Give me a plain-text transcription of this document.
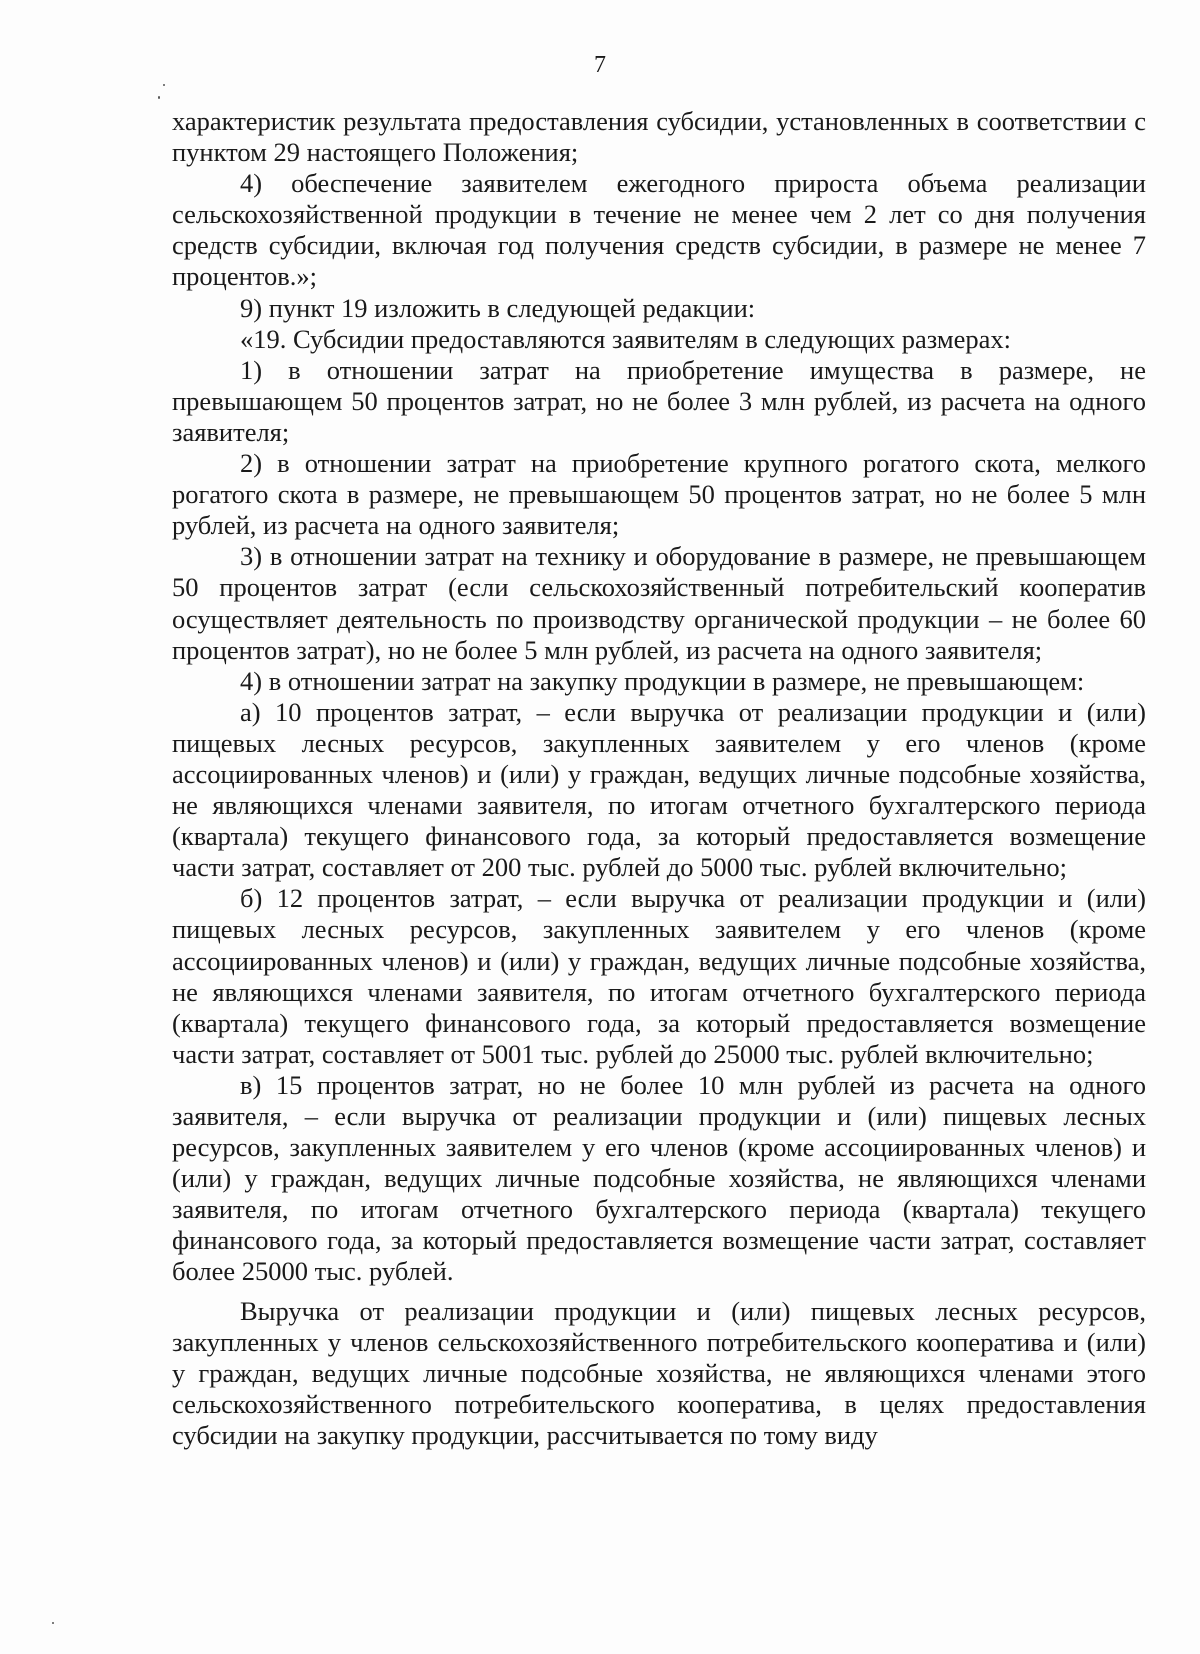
7

характеристик результата предоставления субсидии, установленных в соответствии с пунктом 29 настоящего Положения;

4) обеспечение заявителем ежегодного прироста объема реализации сельскохозяйственной продукции в течение не менее чем 2 лет со дня получения средств субсидии, включая год получения средств субсидии, в размере не менее 7 процентов.»;

9) пункт 19 изложить в следующей редакции:

«19. Субсидии предоставляются заявителям в следующих размерах:

1) в отношении затрат на приобретение имущества в размере, не превышающем 50 процентов затрат, но не более 3 млн рублей, из расчета на одного заявителя;

2) в отношении затрат на приобретение крупного рогатого скота, мелкого рогатого скота в размере, не превышающем 50 процентов затрат, но не более 5 млн рублей, из расчета на одного заявителя;

3) в отношении затрат на технику и оборудование в размере, не превышающем 50 процентов затрат (если сельскохозяйственный потребительский кооператив осуществляет деятельность по производству органической продукции – не более 60 процентов затрат), но не более 5 млн рублей, из расчета на одного заявителя;

4) в отношении затрат на закупку продукции в размере, не превышающем:

а) 10 процентов затрат, – если выручка от реализации продукции и (или) пищевых лесных ресурсов, закупленных заявителем у его членов (кроме ассоциированных членов) и (или) у граждан, ведущих личные подсобные хозяйства, не являющихся членами заявителя, по итогам отчетного бухгалтерского периода (квартала) текущего финансового года, за который предоставляется возмещение части затрат, составляет от 200 тыс. рублей до 5000 тыс. рублей включительно;

б) 12 процентов затрат, – если выручка от реализации продукции и (или) пищевых лесных ресурсов, закупленных заявителем у его членов (кроме ассоциированных членов) и (или) у граждан, ведущих личные подсобные хозяйства, не являющихся членами заявителя, по итогам отчетного бухгалтерского периода (квартала) текущего финансового года, за который предоставляется возмещение части затрат, составляет от 5001 тыс. рублей до 25000 тыс. рублей включительно;

в) 15 процентов затрат, но не более 10 млн рублей из расчета на одного заявителя, – если выручка от реализации продукции и (или) пищевых лесных ресурсов, закупленных заявителем у его членов (кроме ассоциированных членов) и (или) у граждан, ведущих личные подсобные хозяйства, не являющихся членами заявителя, по итогам отчетного бухгалтерского периода (квартала) текущего финансового года, за который предоставляется возмещение части затрат, составляет более 25000 тыс. рублей.

Выручка от реализации продукции и (или) пищевых лесных ресурсов, закупленных у членов сельскохозяйственного потребительского кооператива и (или) у граждан, ведущих личные подсобные хозяйства, не являющихся членами этого сельскохозяйственного потребительского кооператива, в целях предоставления субсидии на закупку продукции, рассчитывается по тому виду
